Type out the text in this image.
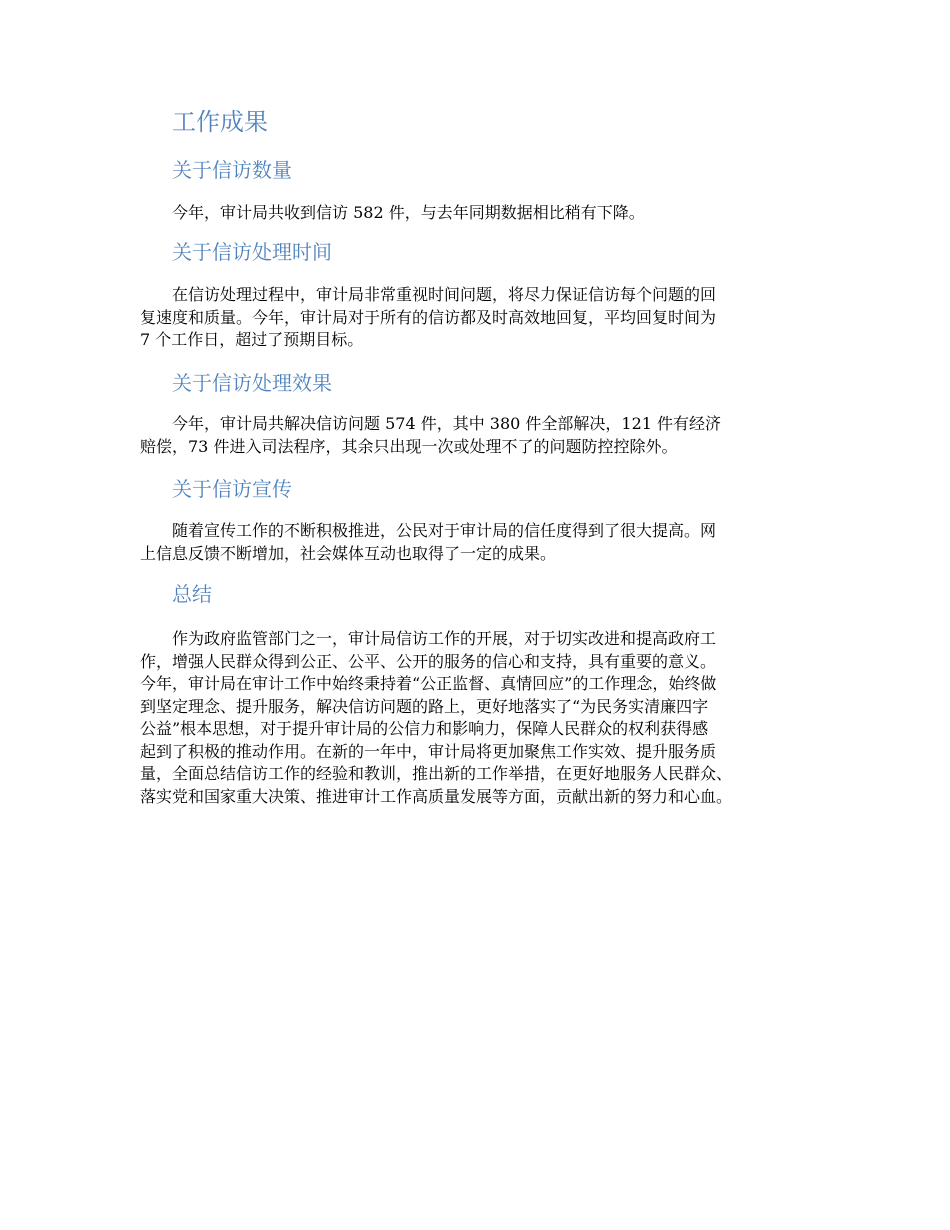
工作成果
关于信访数量

今年，审计局共收到信访 582 件，与去年同期数据相比稍有下降。

关于信访处理时间

在信访处理过程中，审计局非常重视时间问题，将尽力保证信访每个问题的回
复速度和质量。今年，审计局对于所有的信访都及时高效地回复，平均回复时间为
7 个工作日，超过了预期目标。

关于信访处理效果

今年，审计局共解决信访问题 574 件，其中 380 件全部解决，121 件有经济
赔偿，73 件进入司法程序，其余只出现一次或处理不了的问题防控控除外。

关于信访宣传

随着宣传工作的不断积极推进，公民对于审计局的信任度得到了很大提高。网
上信息反馈不断增加，社会媒体互动也取得了一定的成果。

总结

作为政府监管部门之一，审计局信访工作的开展，对于切实改进和提高政府工
作，增强人民群众得到公正、公平、公开的服务的信心和支持，具有重要的意义。
今年，审计局在审计工作中始终秉持着“公正监督、真情回应”的工作理念，始终做
到坚定理念、提升服务，解决信访问题的路上，更好地落实了“为民务实清廉四字
公益”根本思想，对于提升审计局的公信力和影响力，保障人民群众的权利获得感
起到了积极的推动作用。在新的一年中，审计局将更加聚焦工作实效、提升服务质
量，全面总结信访工作的经验和教训，推出新的工作举措，在更好地服务人民群众、
落实党和国家重大决策、推进审计工作高质量发展等方面，贡献出新的努力和心血。
